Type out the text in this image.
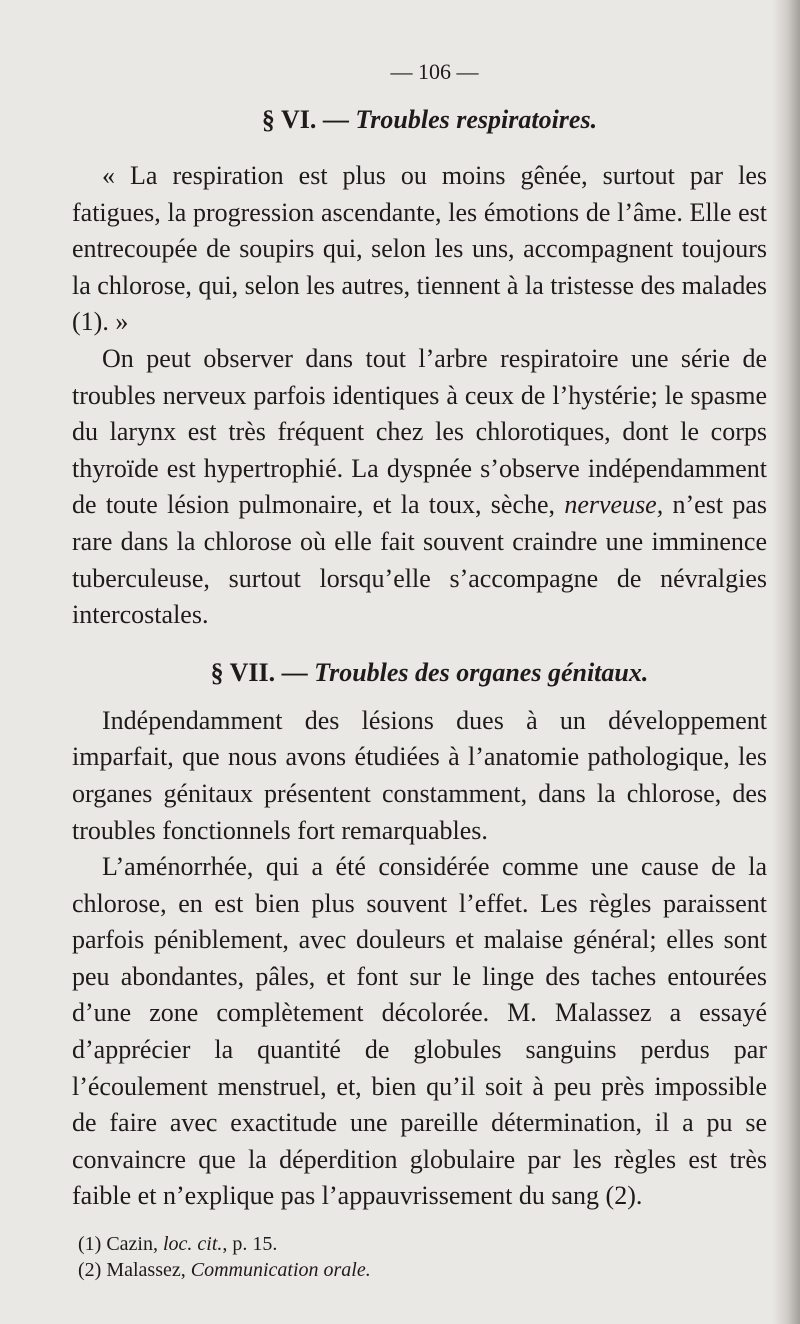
— 106 —
§ VI. — Troubles respiratoires.

« La respiration est plus ou moins gênée, surtout par les fatigues, la progression ascendante, les émotions de l’âme. Elle est entrecoupée de soupirs qui, selon les uns, accompagnent toujours la chlorose, qui, selon les autres, tiennent à la tristesse des malades (1). »

On peut observer dans tout l’arbre respiratoire une série de troubles nerveux parfois identiques à ceux de l’hystérie; le spasme du larynx est très fréquent chez les chlorotiques, dont le corps thyroïde est hypertrophié. La dyspnée s’observe indépendamment de toute lésion pulmonaire, et la toux, sèche, nerveuse, n’est pas rare dans la chlorose où elle fait souvent craindre une imminence tuberculeuse, surtout lorsqu’elle s’accompagne de névralgies intercostales.

§ VII. — Troubles des organes génitaux.

Indépendamment des lésions dues à un développement imparfait, que nous avons étudiées à l’anatomie pathologique, les organes génitaux présentent constamment, dans la chlorose, des troubles fonctionnels fort remarquables.

L’aménorrhée, qui a été considérée comme une cause de la chlorose, en est bien plus souvent l’effet. Les règles paraissent parfois péniblement, avec douleurs et malaise général; elles sont peu abondantes, pâles, et font sur le linge des taches entourées d’une zone complètement décolorée. M. Malassez a essayé d’apprécier la quantité de globules sanguins perdus par l’écoulement menstruel, et, bien qu’il soit à peu près impossible de faire avec exactitude une pareille détermination, il a pu se convaincre que la déperdition globulaire par les règles est très faible et n’explique pas l’appauvrissement du sang (2).

(1) Cazin, loc. cit., p. 15.

(2) Malassez, Communication orale.
